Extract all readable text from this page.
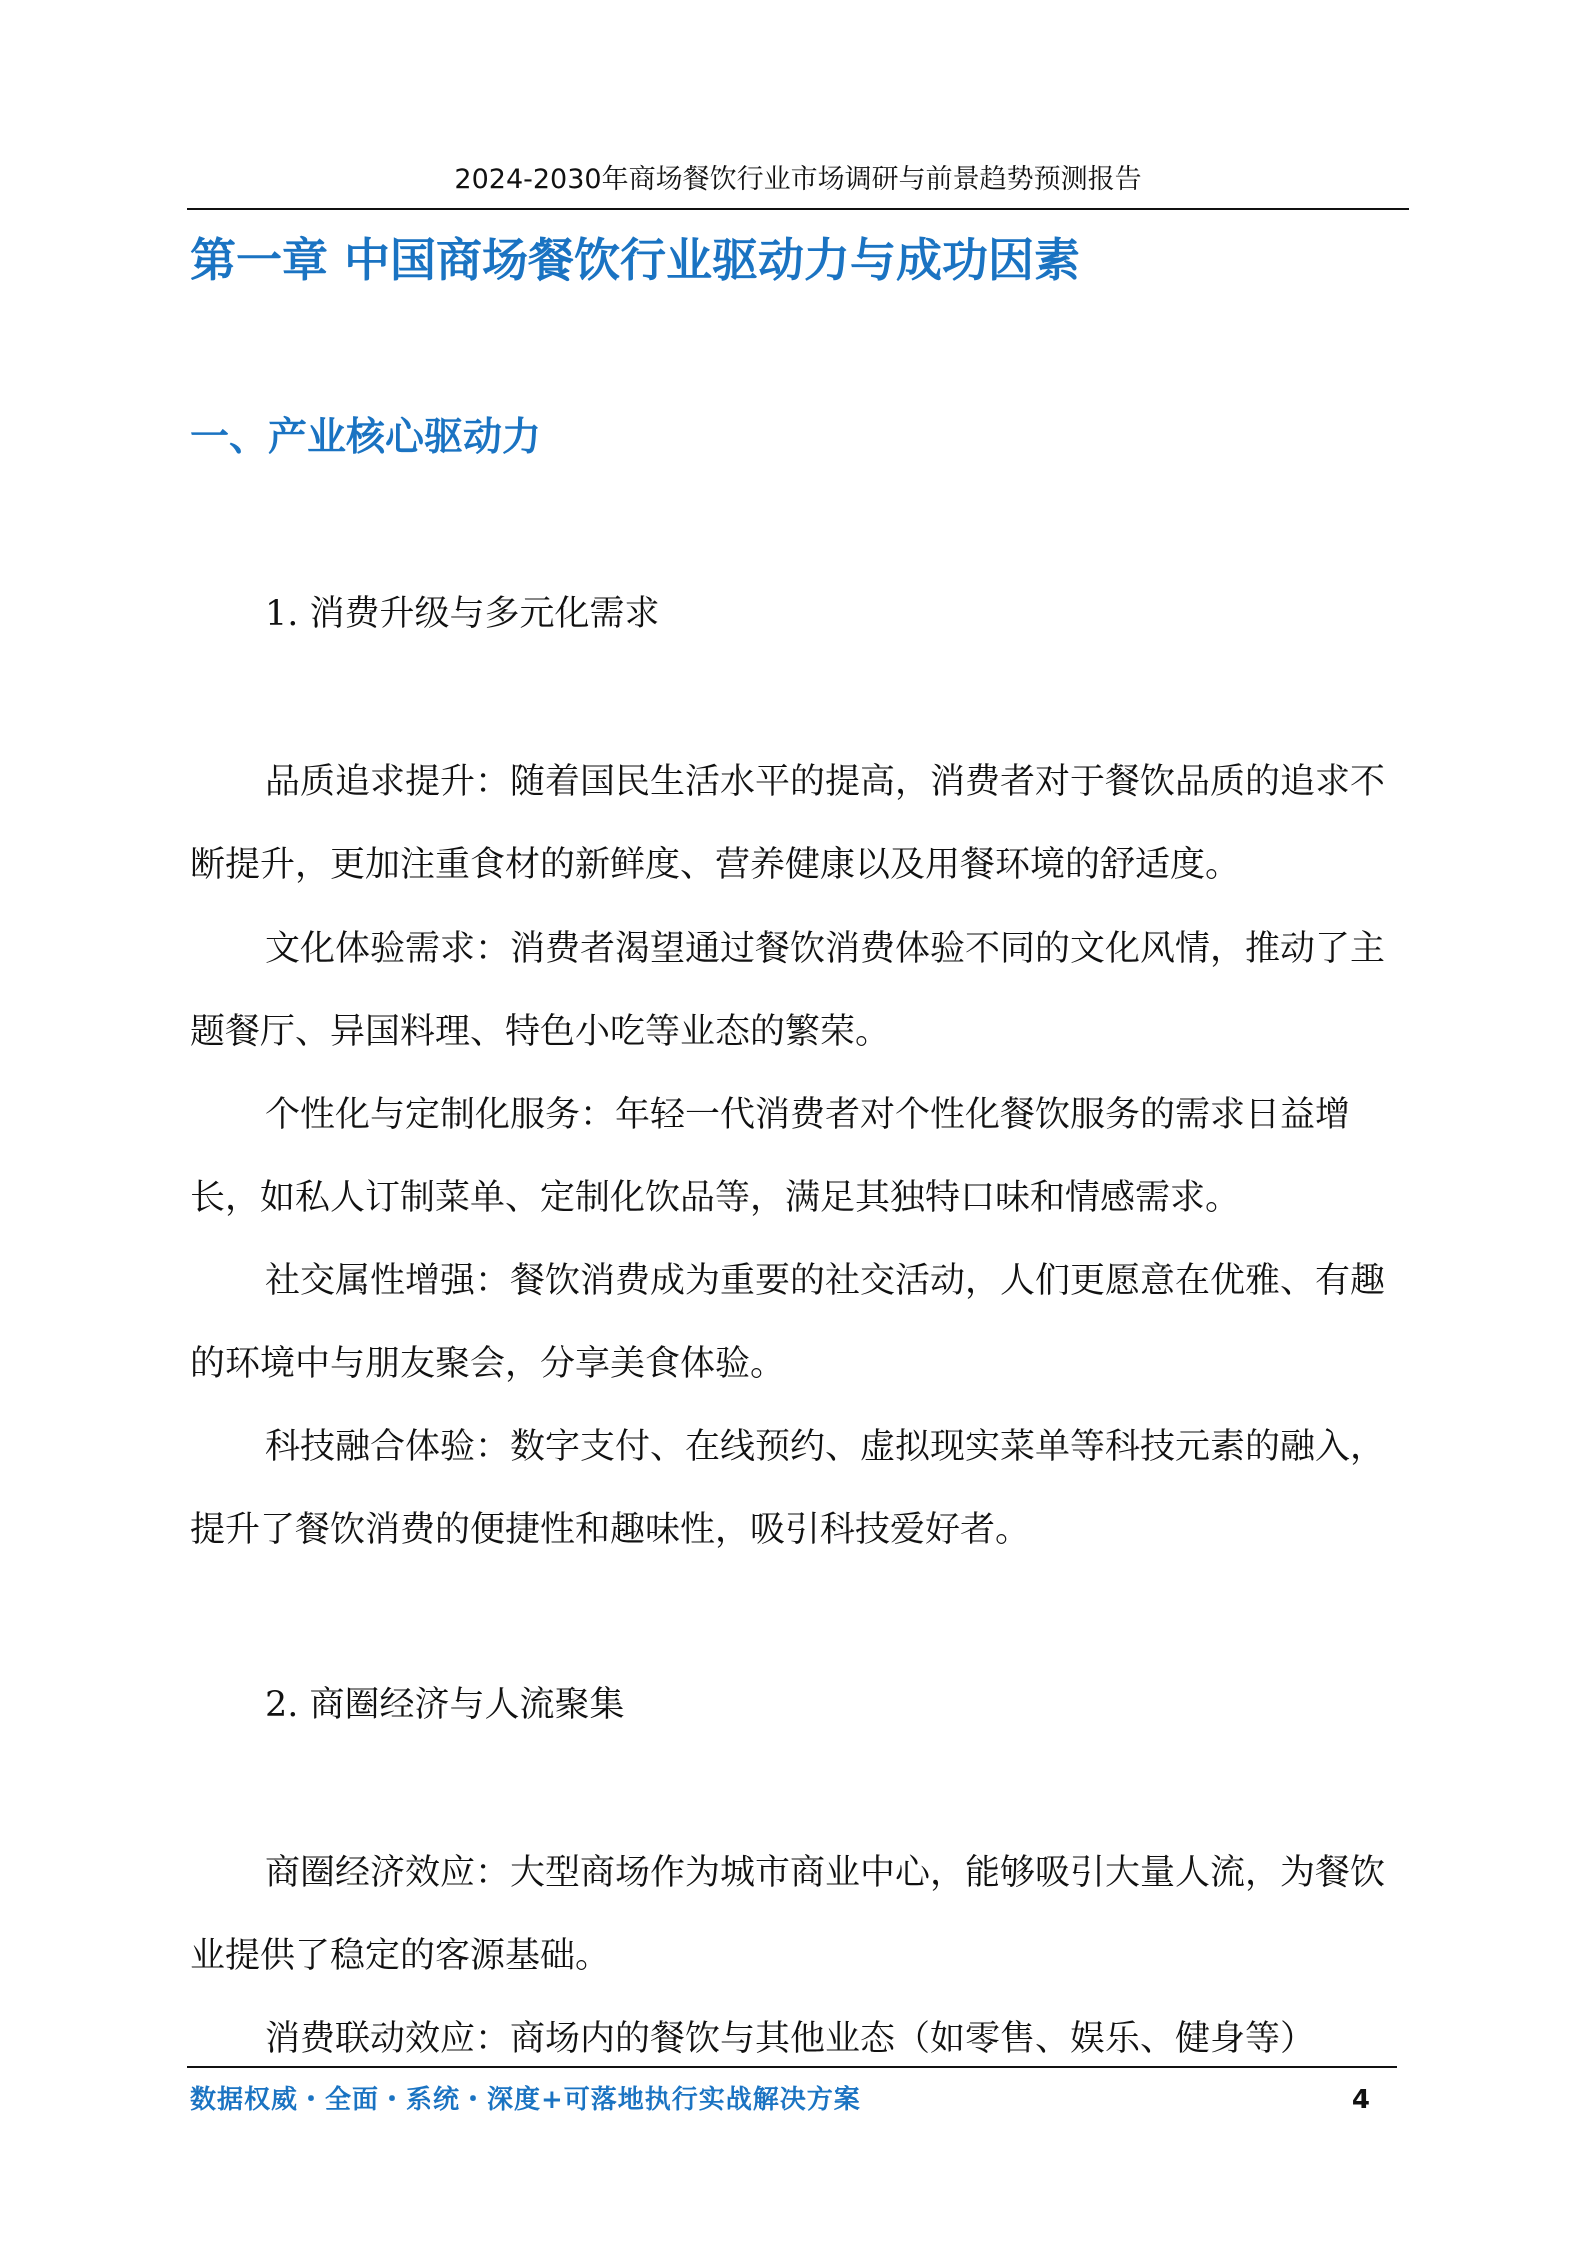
2024-2030年商场餐饮行业市场调研与前景趋势预测报告
第一章 中国商场餐饮行业驱动力与成功因素
一、产业核心驱动力
1. 消费升级与多元化需求

品质追求提升：随着国民生活水平的提高，消费者对于餐饮品质的追求不断提升，更加注重食材的新鲜度、营养健康以及用餐环境的舒适度。

文化体验需求：消费者渴望通过餐饮消费体验不同的文化风情，推动了主题餐厅、异国料理、特色小吃等业态的繁荣。

个性化与定制化服务：年轻一代消费者对个性化餐饮服务的需求日益增长，如私人订制菜单、定制化饮品等，满足其独特口味和情感需求。

社交属性增强：餐饮消费成为重要的社交活动，人们更愿意在优雅、有趣的环境中与朋友聚会，分享美食体验。

科技融合体验：数字支付、在线预约、虚拟现实菜单等科技元素的融入，提升了餐饮消费的便捷性和趣味性，吸引科技爱好者。

2. 商圈经济与人流聚集

商圈经济效应：大型商场作为城市商业中心，能够吸引大量人流，为餐饮业提供了稳定的客源基础。

消费联动效应：商场内的餐饮与其他业态（如零售、娱乐、健身等）

数据权威・全面・系统・深度+可落地执行实战解决方案	4
